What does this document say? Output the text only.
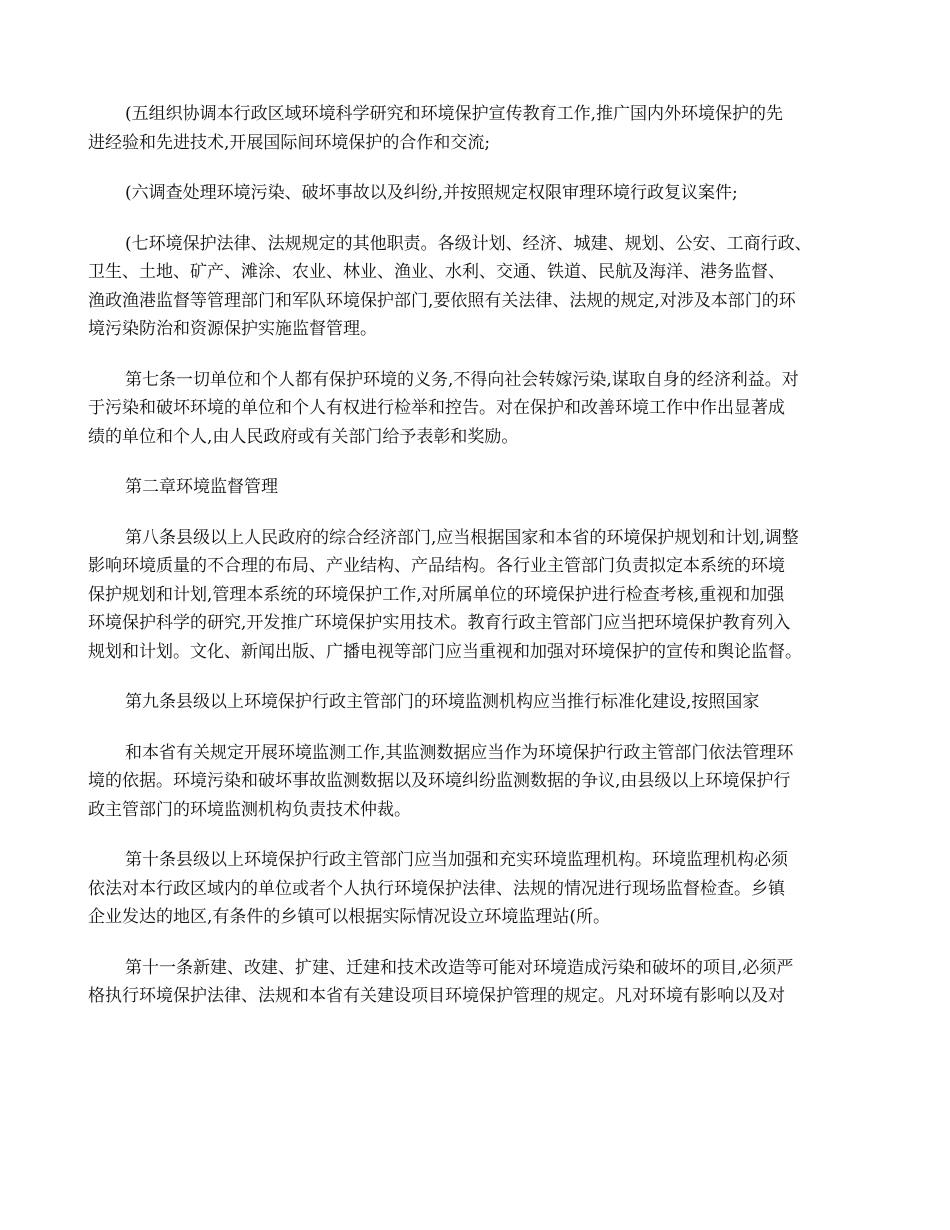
(五组织协调本行政区域环境科学研究和环境保护宣传教育工作,推广国内外环境保护的先
进经验和先进技术,开展国际间环境保护的合作和交流;

(六调查处理环境污染、破坏事故以及纠纷,并按照规定权限审理环境行政复议案件;

(七环境保护法律、法规规定的其他职责。各级计划、经济、城建、规划、公安、工商行政、
卫生、土地、矿产、滩涂、农业、林业、渔业、水利、交通、铁道、民航及海洋、港务监督、
渔政渔港监督等管理部门和军队环境保护部门,要依照有关法律、法规的规定,对涉及本部门的环
境污染防治和资源保护实施监督管理。

第七条一切单位和个人都有保护环境的义务,不得向社会转嫁污染,谋取自身的经济利益。对
于污染和破坏环境的单位和个人有权进行检举和控告。对在保护和改善环境工作中作出显著成
绩的单位和个人,由人民政府或有关部门给予表彰和奖励。

第二章环境监督管理

第八条县级以上人民政府的综合经济部门,应当根据国家和本省的环境保护规划和计划,调整
影响环境质量的不合理的布局、产业结构、产品结构。各行业主管部门负责拟定本系统的环境
保护规划和计划,管理本系统的环境保护工作,对所属单位的环境保护进行检查考核,重视和加强
环境保护科学的研究,开发推广环境保护实用技术。教育行政主管部门应当把环境保护教育列入
规划和计划。文化、新闻出版、广播电视等部门应当重视和加强对环境保护的宣传和舆论监督。

第九条县级以上环境保护行政主管部门的环境监测机构应当推行标准化建设,按照国家

和本省有关规定开展环境监测工作,其监测数据应当作为环境保护行政主管部门依法管理环
境的依据。环境污染和破坏事故监测数据以及环境纠纷监测数据的争议,由县级以上环境保护行
政主管部门的环境监测机构负责技术仲裁。

第十条县级以上环境保护行政主管部门应当加强和充实环境监理机构。环境监理机构必须
依法对本行政区域内的单位或者个人执行环境保护法律、法规的情况进行现场监督检查。乡镇
企业发达的地区,有条件的乡镇可以根据实际情况设立环境监理站(所。

第十一条新建、改建、扩建、迁建和技术改造等可能对环境造成污染和破坏的项目,必须严
格执行环境保护法律、法规和本省有关建设项目环境保护管理的规定。凡对环境有影响以及对
